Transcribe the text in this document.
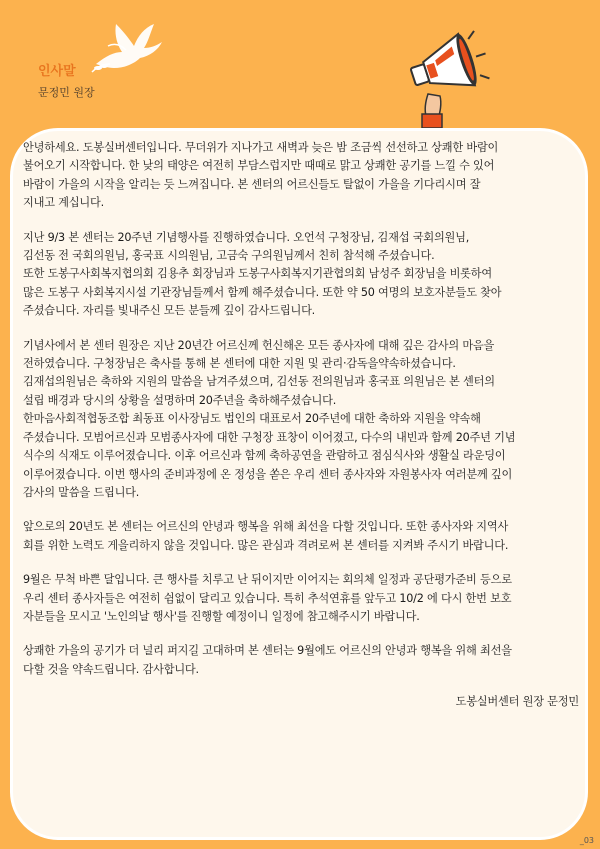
인사말
문정민 원장

안녕하세요. 도봉실버센터입니다. 무더위가 지나가고 새벽과 늦은 밤 조금씩 선선하고 상쾌한 바람이
불어오기 시작합니다. 한 낮의 태양은 여전히 부담스럽지만 때때로 맑고 상쾌한 공기를 느낄 수 있어
바람이 가을의 시작을 알리는 듯 느껴집니다. 본 센터의 어르신들도 탈없이 가을을 기다리시며 잘
지내고 계십니다.

지난 9/3 본 센터는 20주년 기념행사를 진행하였습니다. 오언석 구청장님, 김재섭 국회의원님,
김선동 전 국회의원님, 홍국표 시의원님, 고금숙 구의원님께서 친히 참석해 주셨습니다.
또한 도봉구사회복지협의회 김용추 회장님과 도봉구사회복지기관협의회 남성주 회장님을 비롯하여
많은 도봉구 사회복지시설 기관장님들께서 함께 해주셨습니다. 또한 약 50 여명의 보호자분들도 찾아
주셨습니다. 자리를 빛내주신 모든 분들께 깊이 감사드립니다.

기념사에서 본 센터 원장은 지난 20년간 어르신께 헌신해온 모든 종사자에 대해 깊은 감사의 마음을
전하였습니다. 구청장님은 축사를 통해 본 센터에 대한 지원 및 관리·감독을약속하셨습니다.
김재섭의원님은 축하와 지원의 말씀을 남겨주셨으며, 김선동 전의원님과 홍국표 의원님은 본 센터의
설립 배경과 당시의 상황을 설명하며 20주년을 축하해주셨습니다.
한마음사회적협동조합 최동표 이사장님도 법인의 대표로서 20주년에 대한 축하와 지원을 약속해
주셨습니다. 모범어르신과 모범종사자에 대한 구청장 표창이 이어졌고, 다수의 내빈과 함께 20주년 기념
식수의 식재도 이루어졌습니다. 이후 어르신과 함께 축하공연을 관람하고 점심식사와 생활실 라운딩이
이루어졌습니다. 이번 행사의 준비과정에 온 정성을 쏟은 우리 센터 종사자와 자원봉사자 여러분께 깊이
감사의 말씀을 드립니다.

앞으로의 20년도 본 센터는 어르신의 안녕과 행복을 위해 최선을 다할 것입니다. 또한 종사자와 지역사
회를 위한 노력도 게을리하지 않을 것입니다. 많은 관심과 격려로써 본 센터를 지켜봐 주시기 바랍니다.

9월은 무척 바쁜 달입니다. 큰 행사를 치루고 난 뒤이지만 이어지는 회의체 일정과 공단평가준비 등으로
우리 센터 종사자들은 여전히 쉼없이 달리고 있습니다. 특히 추석연휴를 앞두고 10/2 에 다시 한번 보호
자분들을 모시고 '노인의날 행사'를 진행할 예정이니 일정에 참고해주시기 바랍니다.

상쾌한 가을의 공기가 더 널리 퍼지길 고대하며 본 센터는 9월에도 어르신의 안녕과 행복을 위해 최선을
다할 것을 약속드립니다. 감사합니다.

도봉실버센터 원장 문정민

_03
